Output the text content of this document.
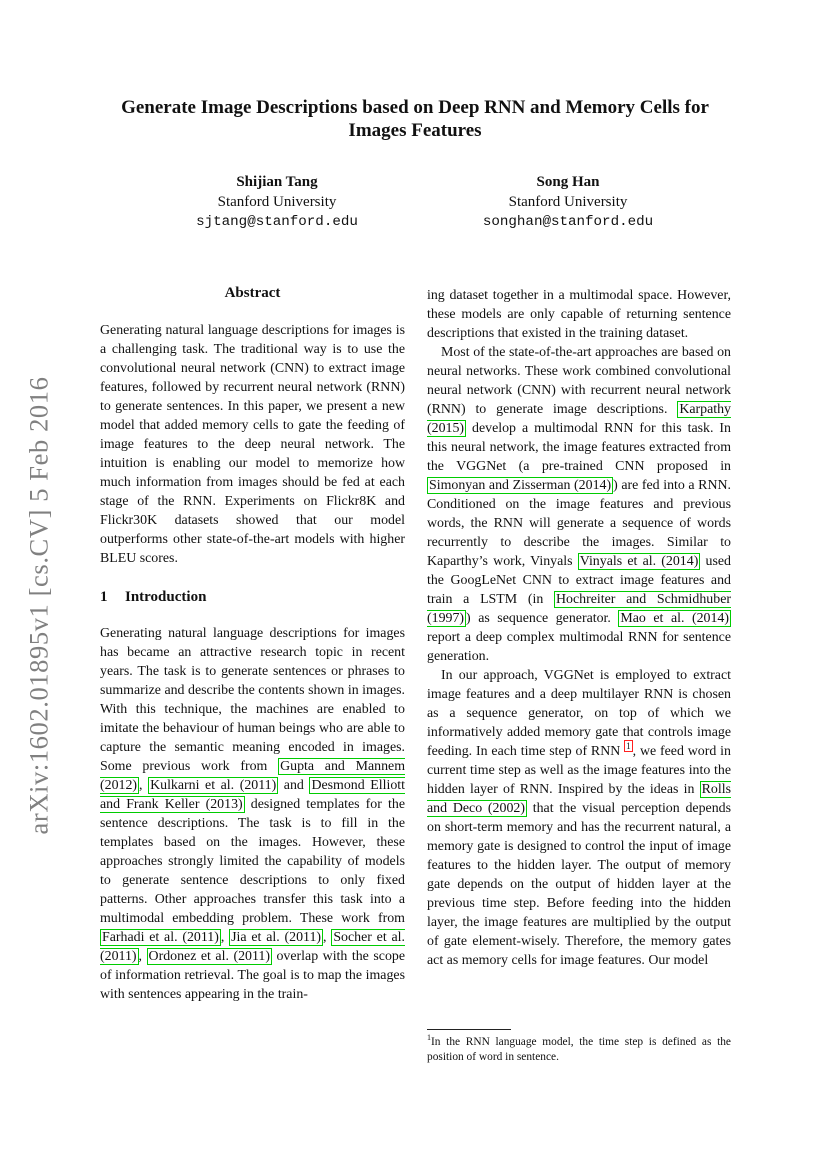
arXiv:1602.01895v1 [cs.CV] 5 Feb 2016
Generate Image Descriptions based on Deep RNN and Memory Cells for Images Features
Shijian Tang
Stanford University
sjtang@stanford.edu
Song Han
Stanford University
songhan@stanford.edu
Abstract

Generating natural language descriptions for images is a challenging task. The traditional way is to use the convolutional neural network (CNN) to extract image features, followed by recurrent neural network (RNN) to generate sentences. In this paper, we present a new model that added memory cells to gate the feeding of image features to the deep neural network. The intuition is enabling our model to memorize how much information from images should be fed at each stage of the RNN. Experiments on Flickr8K and Flickr30K datasets showed that our model outperforms other state-of-the-art models with higher BLEU scores.

1 Introduction

Generating natural language descriptions for images has became an attractive research topic in recent years. The task is to generate sentences or phrases to summarize and describe the contents shown in images. With this technique, the machines are enabled to imitate the behaviour of human beings who are able to capture the semantic meaning encoded in images. Some previous work from Gupta and Mannem (2012) , Kulkarni et al. (2011) and Desmond Elliott and Frank Keller (2013) designed templates for the sentence descriptions. The task is to fill in the templates based on the images. However, these approaches strongly limited the capability of models to generate sentence descriptions to only fixed patterns. Other approaches transfer this task into a multimodal embedding problem. These work from Farhadi et al. (2011) , Jia et al. (2011) , Socher et al. (2011) , Ordonez et al. (2011) overlap with the scope of information retrieval. The goal is to map the images with sentences appearing in the train-

ing dataset together in a multimodal space. However, these models are only capable of returning sentence descriptions that existed in the training dataset.

Most of the state-of-the-art approaches are based on neural networks. These work combined convolutional neural network (CNN) with recurrent neural network (RNN) to generate image descriptions. Karpathy (2015) develop a multimodal RNN for this task. In this neural network, the image features extracted from the VGGNet (a pre-trained CNN proposed in Simonyan and Zisserman (2014) ) are fed into a RNN. Conditioned on the image features and previous words, the RNN will generate a sequence of words recurrently to describe the images. Similar to Kaparthy’s work, Vinyals Vinyals et al. (2014) used the GoogLeNet CNN to extract image features and train a LSTM (in Hochreiter and Schmidhuber (1997) ) as sequence generator. Mao et al. (2014) report a deep complex multimodal RNN for sentence generation.

In our approach, VGGNet is employed to extract image features and a deep multilayer RNN is chosen as a sequence generator, on top of which we informatively added memory gate that controls image feeding. In each time step of RNN $^1$ , we feed word in current time step as well as the image features into the hidden layer of RNN. Inspired by the ideas in Rolls and Deco (2002) that the visual perception depends on short-term memory and has the recurrent natural, a memory gate is designed to control the input of image features to the hidden layer. The output of memory gate depends on the output of hidden layer at the previous time step. Before feeding into the hidden layer, the image features are multiplied by the output of gate element-wisely. Therefore, the memory gates act as memory cells for image features. Our model

$^1$In the RNN language model, the time step is defined as the position of word in sentence.
